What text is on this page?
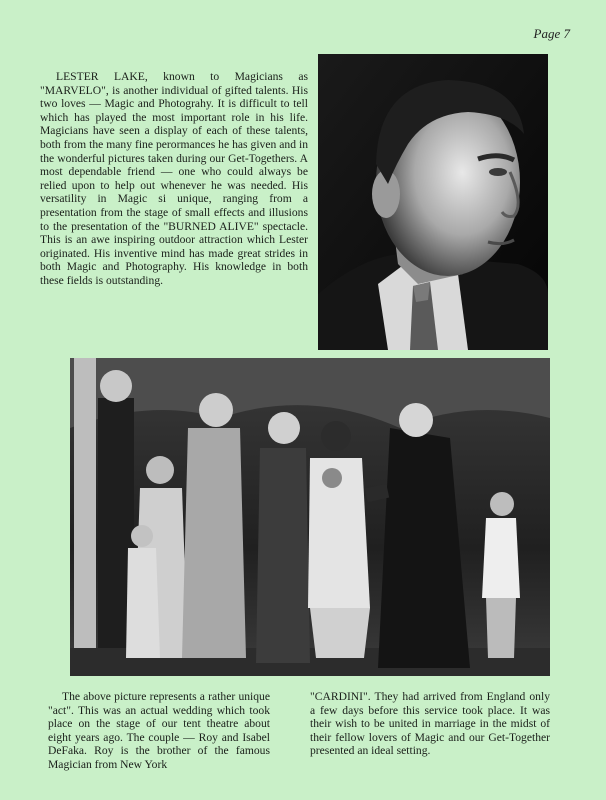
Page 7

LESTER LAKE, known to Magicians as "MARVELO", is another individual of gifted talents. His two loves — Magic and Photograhy. It is difficult to tell which has played the most important role in his life. Magicians have seen a display of each of these talents, both from the many fine perormances he has given and in the wonderful pictures taken during our Get-Togethers. A most dependable friend — one who could always be relied upon to help out whenever he was needed. His versatility in Magic si unique, ranging from a presentation from the stage of small effects and illusions to the presentation of the "BURNED ALIVE" spectacle. This is an awe inspiring outdoor attraction which Lester originated. His inventive mind has made great strides in both Magic and Photography. His knowledge in both these fields is outstanding.

The above picture represents a rather unique "act". This was an actual wedding which took place on the stage of our tent theatre about eight years ago. The couple — Roy and Isabel DeFaka. Roy is the brother of the famous Magician from New York

"CARDINI". They had arrived from England only a few days before this service took place. It was their wish to be united in marriage in the midst of their fellow lovers of Magic and our Get-Together presented an ideal setting.
